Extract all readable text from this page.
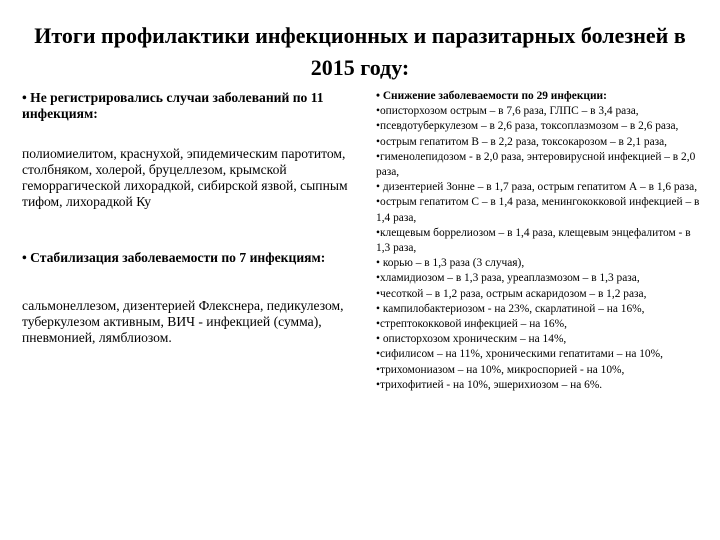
Итоги профилактики инфекционных и паразитарных болезней в 2015 году:

• Не регистрировались случаи заболеваний по 11 инфекциям:

полиомиелитом, краснухой, эпидемическим паротитом, столбняком, холерой, бруцеллезом, крымской геморрагической лихорадкой, сибирской язвой, сыпным тифом, лихорадкой Ку

• Стабилизация заболеваемости по 7 инфекциям:

сальмонеллезом, дизентерией Флекснера, педикулезом, туберкулезом активным, ВИЧ - инфекцией (сумма), пневмонией, лямблиозом.

• Снижение заболеваемости по 29 инфекции:

•описторхозом острым – в 7,6 раза, ГЛПС – в 3,4 раза,
•псевдотуберкулезом – в 2,6 раза, токсоплазмозом – в 2,6 раза,
•острым гепатитом В – в 2,2 раза, токсокарозом – в 2,1 раза,
•гименолепидозом - в 2,0 раза, энтеровирусной инфекцией – в 2,0 раза,
• дизентерией Зонне – в 1,7 раза, острым гепатитом А – в 1,6 раза,
•острым гепатитом С – в 1,4 раза, менингококковой инфекцией – в 1,4 раза,
•клещевым боррелиозом – в 1,4 раза, клещевым энцефалитом - в 1,3 раза,
• корью – в 1,3 раза (3 случая),
•хламидиозом – в 1,3 раза, уреаплазмозом – в 1,3 раза,
•чесоткой – в 1,2 раза, острым аскаридозом – в 1,2 раза,
• кампилобактериозом - на 23%, скарлатиной – на 16%,
•стрептококковой инфекцией – на 16%,
• описторхозом хроническим – на 14%,
•сифилисом – на 11%, хроническими гепатитами – на 10%,
•трихомониазом – на 10%, микроспорией - на 10%,
•трихофитией - на 10%, эшерихиозом – на 6%.
